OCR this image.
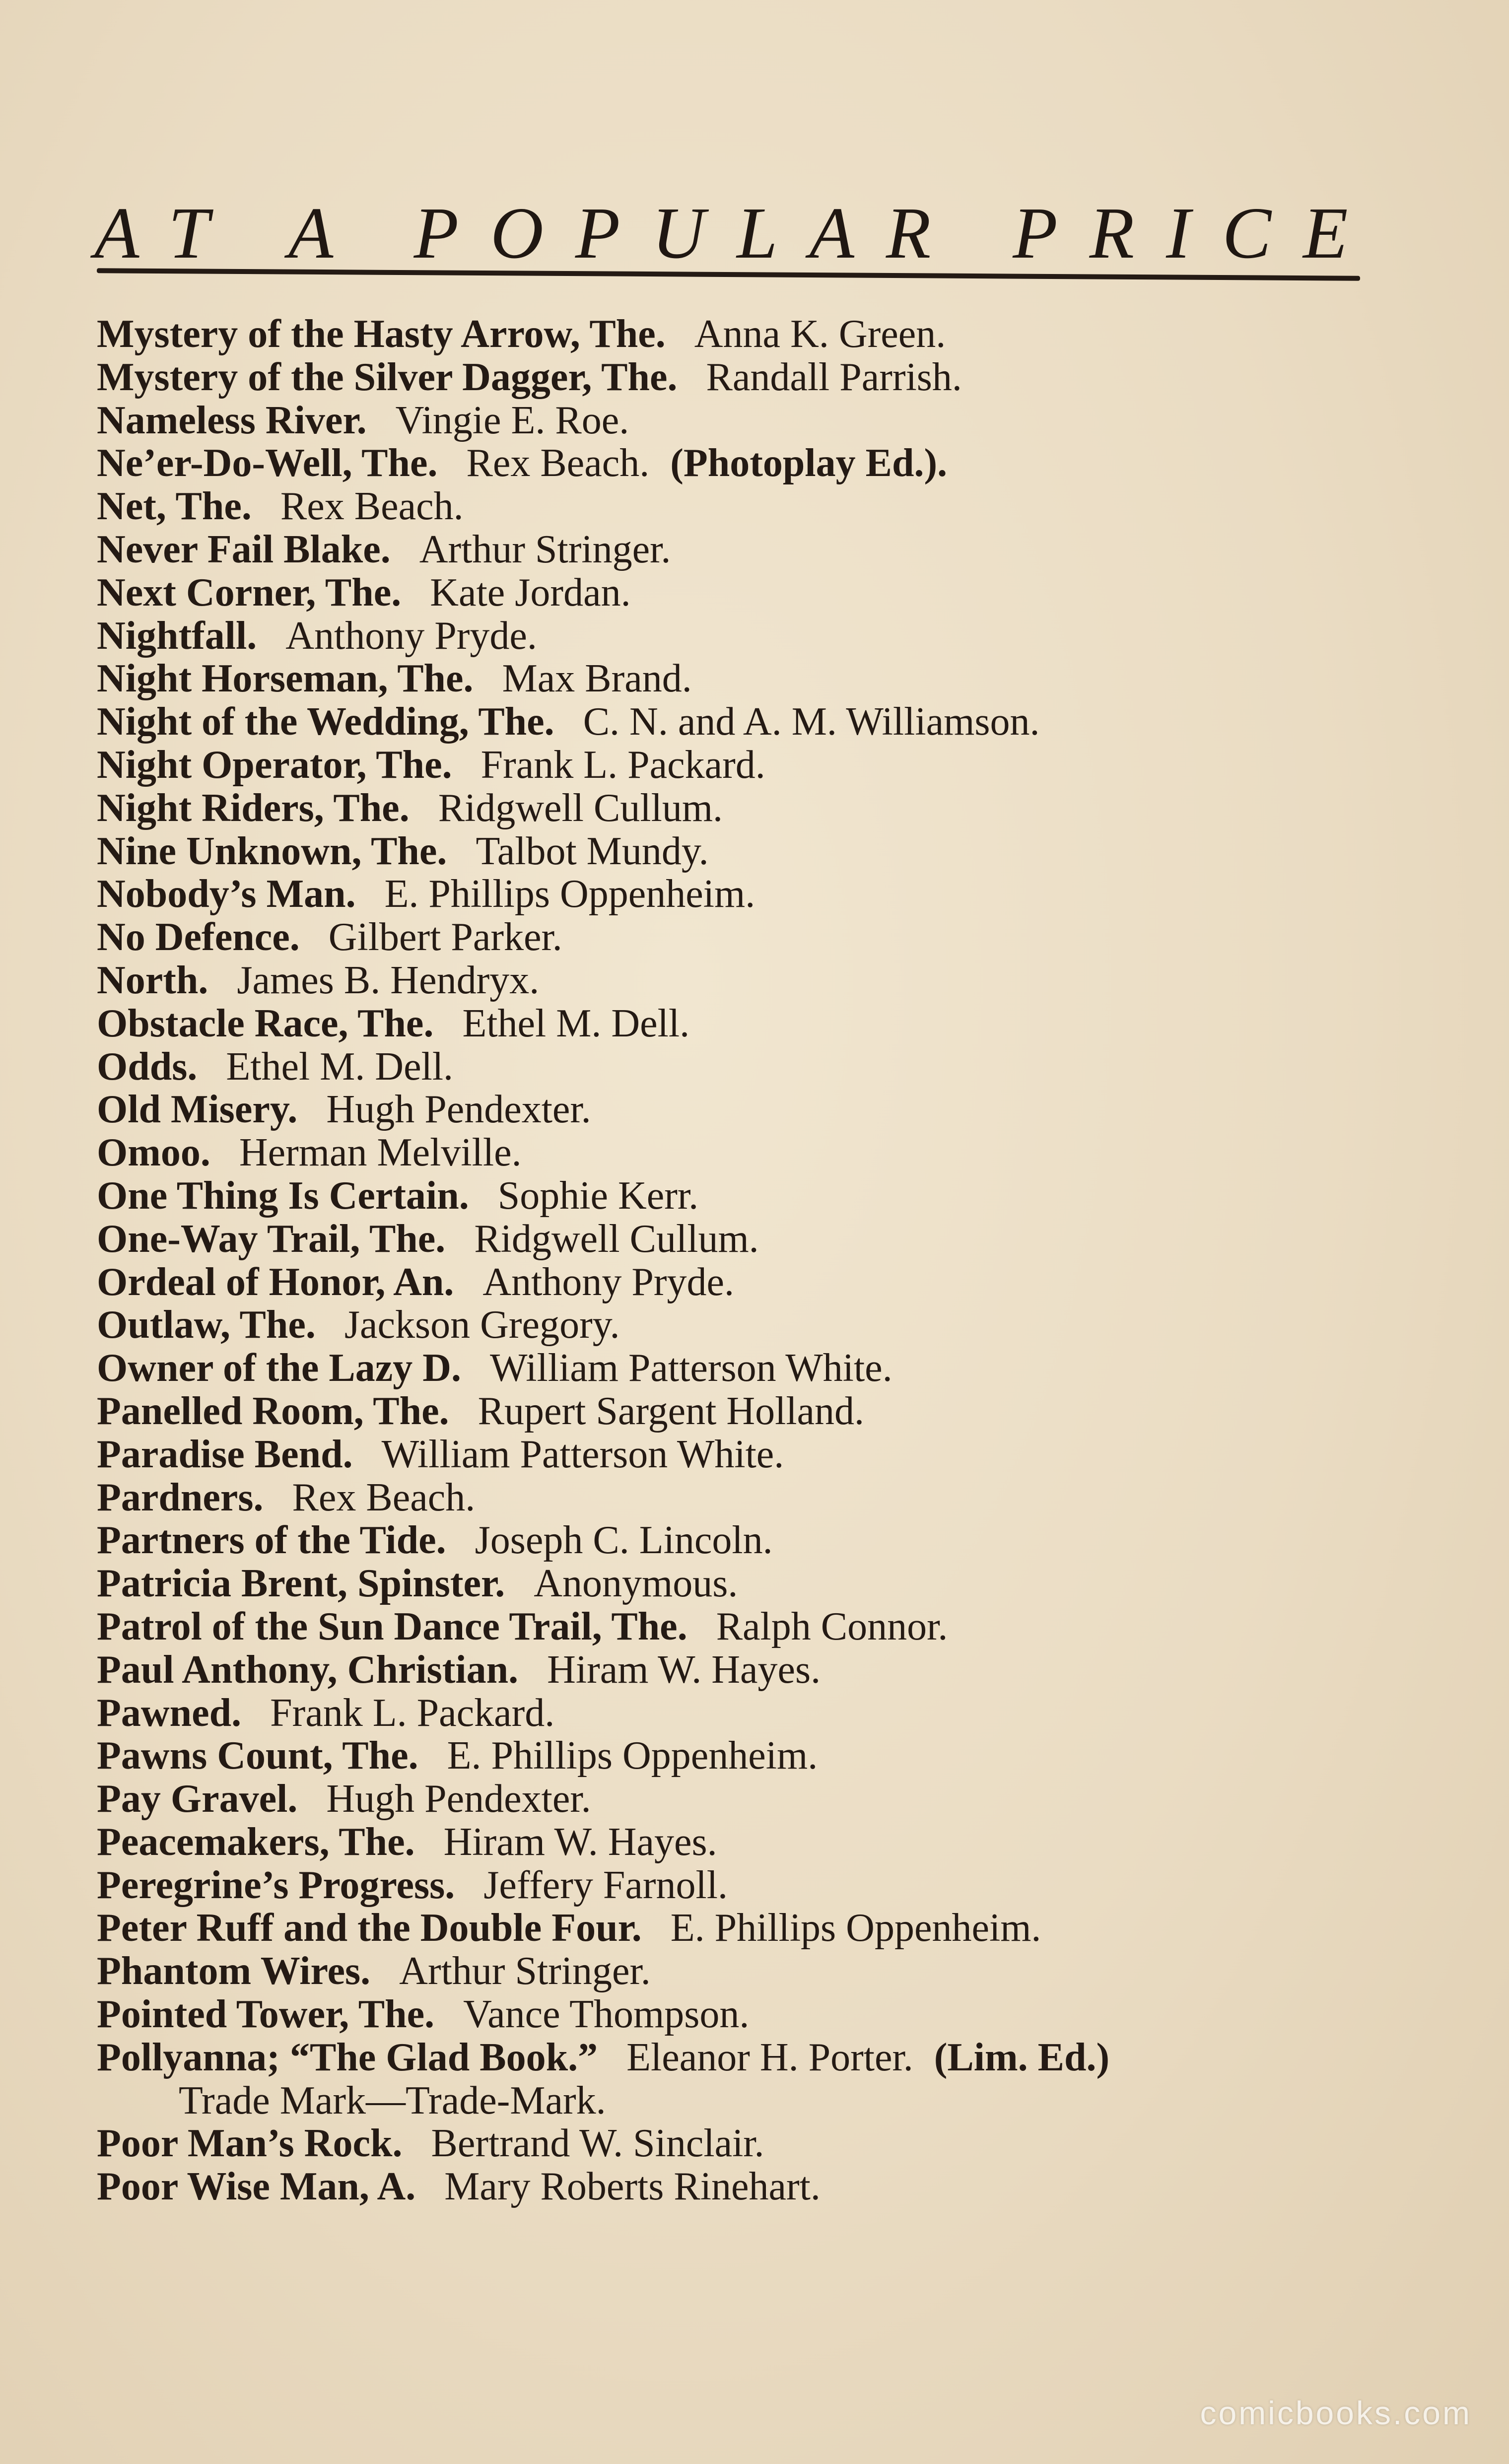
AT A POPULAR PRICE
Mystery of the Hasty Arrow, The. Anna K. Green.
Mystery of the Silver Dagger, The. Randall Parrish.
Nameless River. Vingie E. Roe.
Ne’er-Do-Well, The. Rex Beach. (Photoplay Ed.).
Net, The. Rex Beach.
Never Fail Blake. Arthur Stringer.
Next Corner, The. Kate Jordan.
Nightfall. Anthony Pryde.
Night Horseman, The. Max Brand.
Night of the Wedding, The. C. N. and A. M. Williamson.
Night Operator, The. Frank L. Packard.
Night Riders, The. Ridgwell Cullum.
Nine Unknown, The. Talbot Mundy.
Nobody’s Man. E. Phillips Oppenheim.
No Defence. Gilbert Parker.
North. James B. Hendryx.
Obstacle Race, The. Ethel M. Dell.
Odds. Ethel M. Dell.
Old Misery. Hugh Pendexter.
Omoo. Herman Melville.
One Thing Is Certain. Sophie Kerr.
One-Way Trail, The. Ridgwell Cullum.
Ordeal of Honor, An. Anthony Pryde.
Outlaw, The. Jackson Gregory.
Owner of the Lazy D. William Patterson White.
Panelled Room, The. Rupert Sargent Holland.
Paradise Bend. William Patterson White.
Pardners. Rex Beach.
Partners of the Tide. Joseph C. Lincoln.
Patricia Brent, Spinster. Anonymous.
Patrol of the Sun Dance Trail, The. Ralph Connor.
Paul Anthony, Christian. Hiram W. Hayes.
Pawned. Frank L. Packard.
Pawns Count, The. E. Phillips Oppenheim.
Pay Gravel. Hugh Pendexter.
Peacemakers, The. Hiram W. Hayes.
Peregrine’s Progress. Jeffery Farnoll.
Peter Ruff and the Double Four. E. Phillips Oppenheim.
Phantom Wires. Arthur Stringer.
Pointed Tower, The. Vance Thompson.
Pollyanna; “The Glad Book.” Eleanor H. Porter. (Lim. Ed.)
Trade Mark—Trade-Mark.
Poor Man’s Rock. Bertrand W. Sinclair.
Poor Wise Man, A. Mary Roberts Rinehart.
comicbooks.com
